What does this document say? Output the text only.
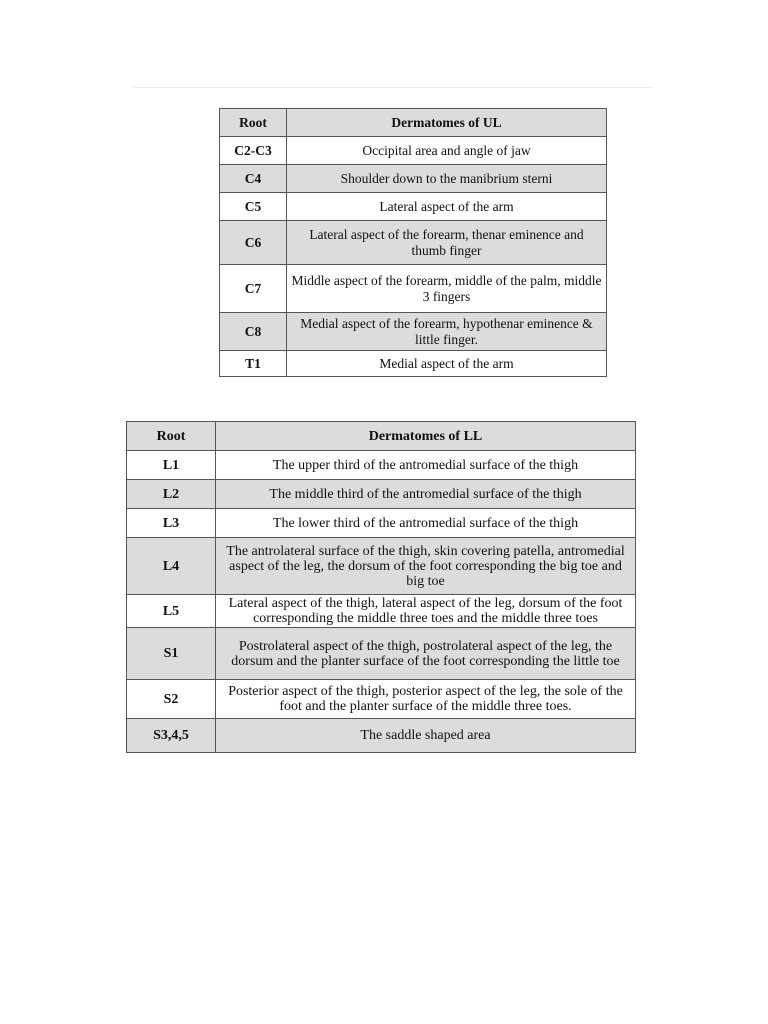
Root	Dermatomes of UL
C2-C3	Occipital area and angle of jaw
C4	Shoulder down to the manibrium sterni
C5	Lateral aspect of the arm
C6	Lateral aspect of the forearm, thenar eminence and thumb finger
C7	Middle aspect of the forearm, middle of the palm, middle 3 fingers
C8	Medial aspect of the forearm, hypothenar eminence & little finger.
T1	Medial aspect of the arm
Root	Dermatomes of LL
L1	The upper third of the antromedial surface of the thigh
L2	The middle third of the antromedial surface of the thigh
L3	The lower third of the antromedial surface of the thigh
L4	The antrolateral surface of the thigh, skin covering patella, antromedial aspect of the leg, the dorsum of the foot corresponding the big toe and big toe
L5	Lateral aspect of the thigh, lateral aspect of the leg, dorsum of the foot corresponding the middle three toes and the middle three toes
S1	Postrolateral aspect of the thigh, postrolateral aspect of the leg, the dorsum and the planter surface of the foot corresponding the little toe
S2	Posterior aspect of the thigh, posterior aspect of the leg, the sole of the foot and the planter surface of the middle three toes.
S3,4,5	The saddle shaped area
